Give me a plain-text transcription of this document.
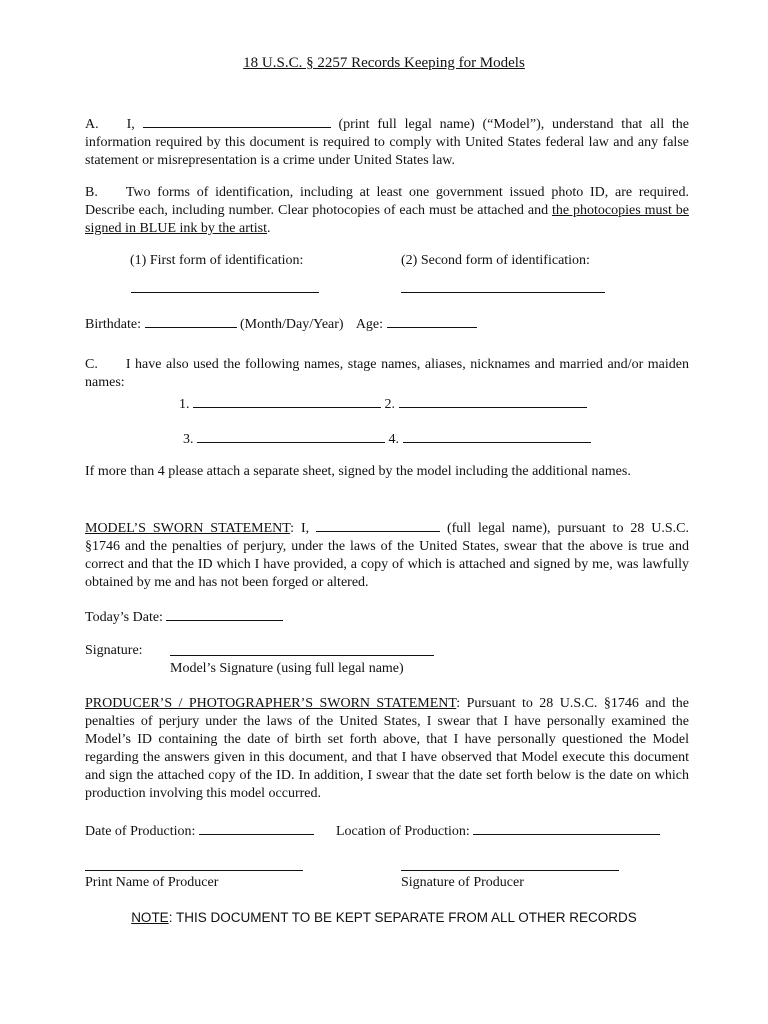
18 U.S.C. § 2257 Records Keeping for Models
A. I,	(print full legal name) (“Model”), understand that all the information required by this document is required to comply with United States federal law and any false statement or misrepresentation is a crime under United States law.
B. Two forms of identification, including at least one government issued photo ID, are required. Describe each, including number. Clear photocopies of each must be attached and the photocopies must be signed in BLUE ink by the artist.
(1) First form of identification:	(2) Second form of identification:
Birthdate:	(Month/Day/Year) Age:
C. I have also used the following names, stage names, aliases, nicknames and married and/or maiden names:
1.	2.
3.	4.
If more than 4 please attach a separate sheet, signed by the model including the additional names.
MODEL’S SWORN STATEMENT: I,	(full legal name), pursuant to 28 U.S.C. §1746 and the penalties of perjury, under the laws of the United States, swear that the above is true and correct and that the ID which I have provided, a copy of which is attached and signed by me, was lawfully obtained by me and has not been forged or altered.
Today’s Date:
Signature:
Model’s Signature (using full legal name)
PRODUCER’S / PHOTOGRAPHER’S SWORN STATEMENT: Pursuant to 28 U.S.C. §1746 and the penalties of perjury under the laws of the United States, I swear that I have personally examined the Model’s ID containing the date of birth set forth above, that I have personally questioned the Model regarding the answers given in this document, and that I have observed that Model execute this document and sign the attached copy of the ID. In addition, I swear that the date set forth below is the date on which production involving this model occurred.
Date of Production:	Location of Production:
Print Name of Producer	Signature of Producer
NOTE: THIS DOCUMENT TO BE KEPT SEPARATE FROM ALL OTHER RECORDS
